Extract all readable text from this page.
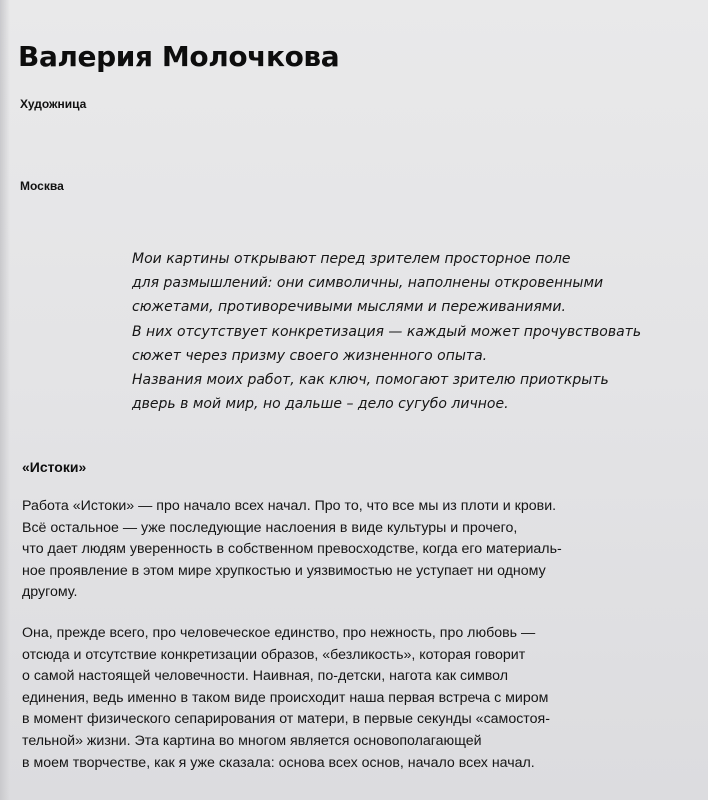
Валерия Молочкова
Художница
Москва
Мои картины открывают перед зрителем просторное поле
для размышлений: они символичны, наполнены откровенными
сюжетами, противоречивыми мыслями и переживаниями.
В них отсутствует конкретизация — каждый может прочувствовать
сюжет через призму своего жизненного опыта.
Названия моих работ, как ключ, помогают зрителю приоткрыть
дверь в мой мир, но дальше – дело сугубо личное.
«Истоки»
Работа «Истоки» — про начало всех начал. Про то, что все мы из плоти и крови.
Всё остальное — уже последующие наслоения в виде культуры и прочего,
что дает людям уверенность в собственном превосходстве, когда его материаль-
ное проявление в этом мире хрупкостью и уязвимостью не уступает ни одному
другому.
Она, прежде всего, про человеческое единство, про нежность, про любовь —
отсюда и отсутствие конкретизации образов, «безликость», которая говорит
о самой настоящей человечности. Наивная, по-детски, нагота как символ
единения, ведь именно в таком виде происходит наша первая встреча с миром
в момент физического сепарирования от матери, в первые секунды «самостоя-
тельной» жизни. Эта картина во многом является основополагающей
в моем творчестве, как я уже сказала: основа всех основ, начало всех начал.
